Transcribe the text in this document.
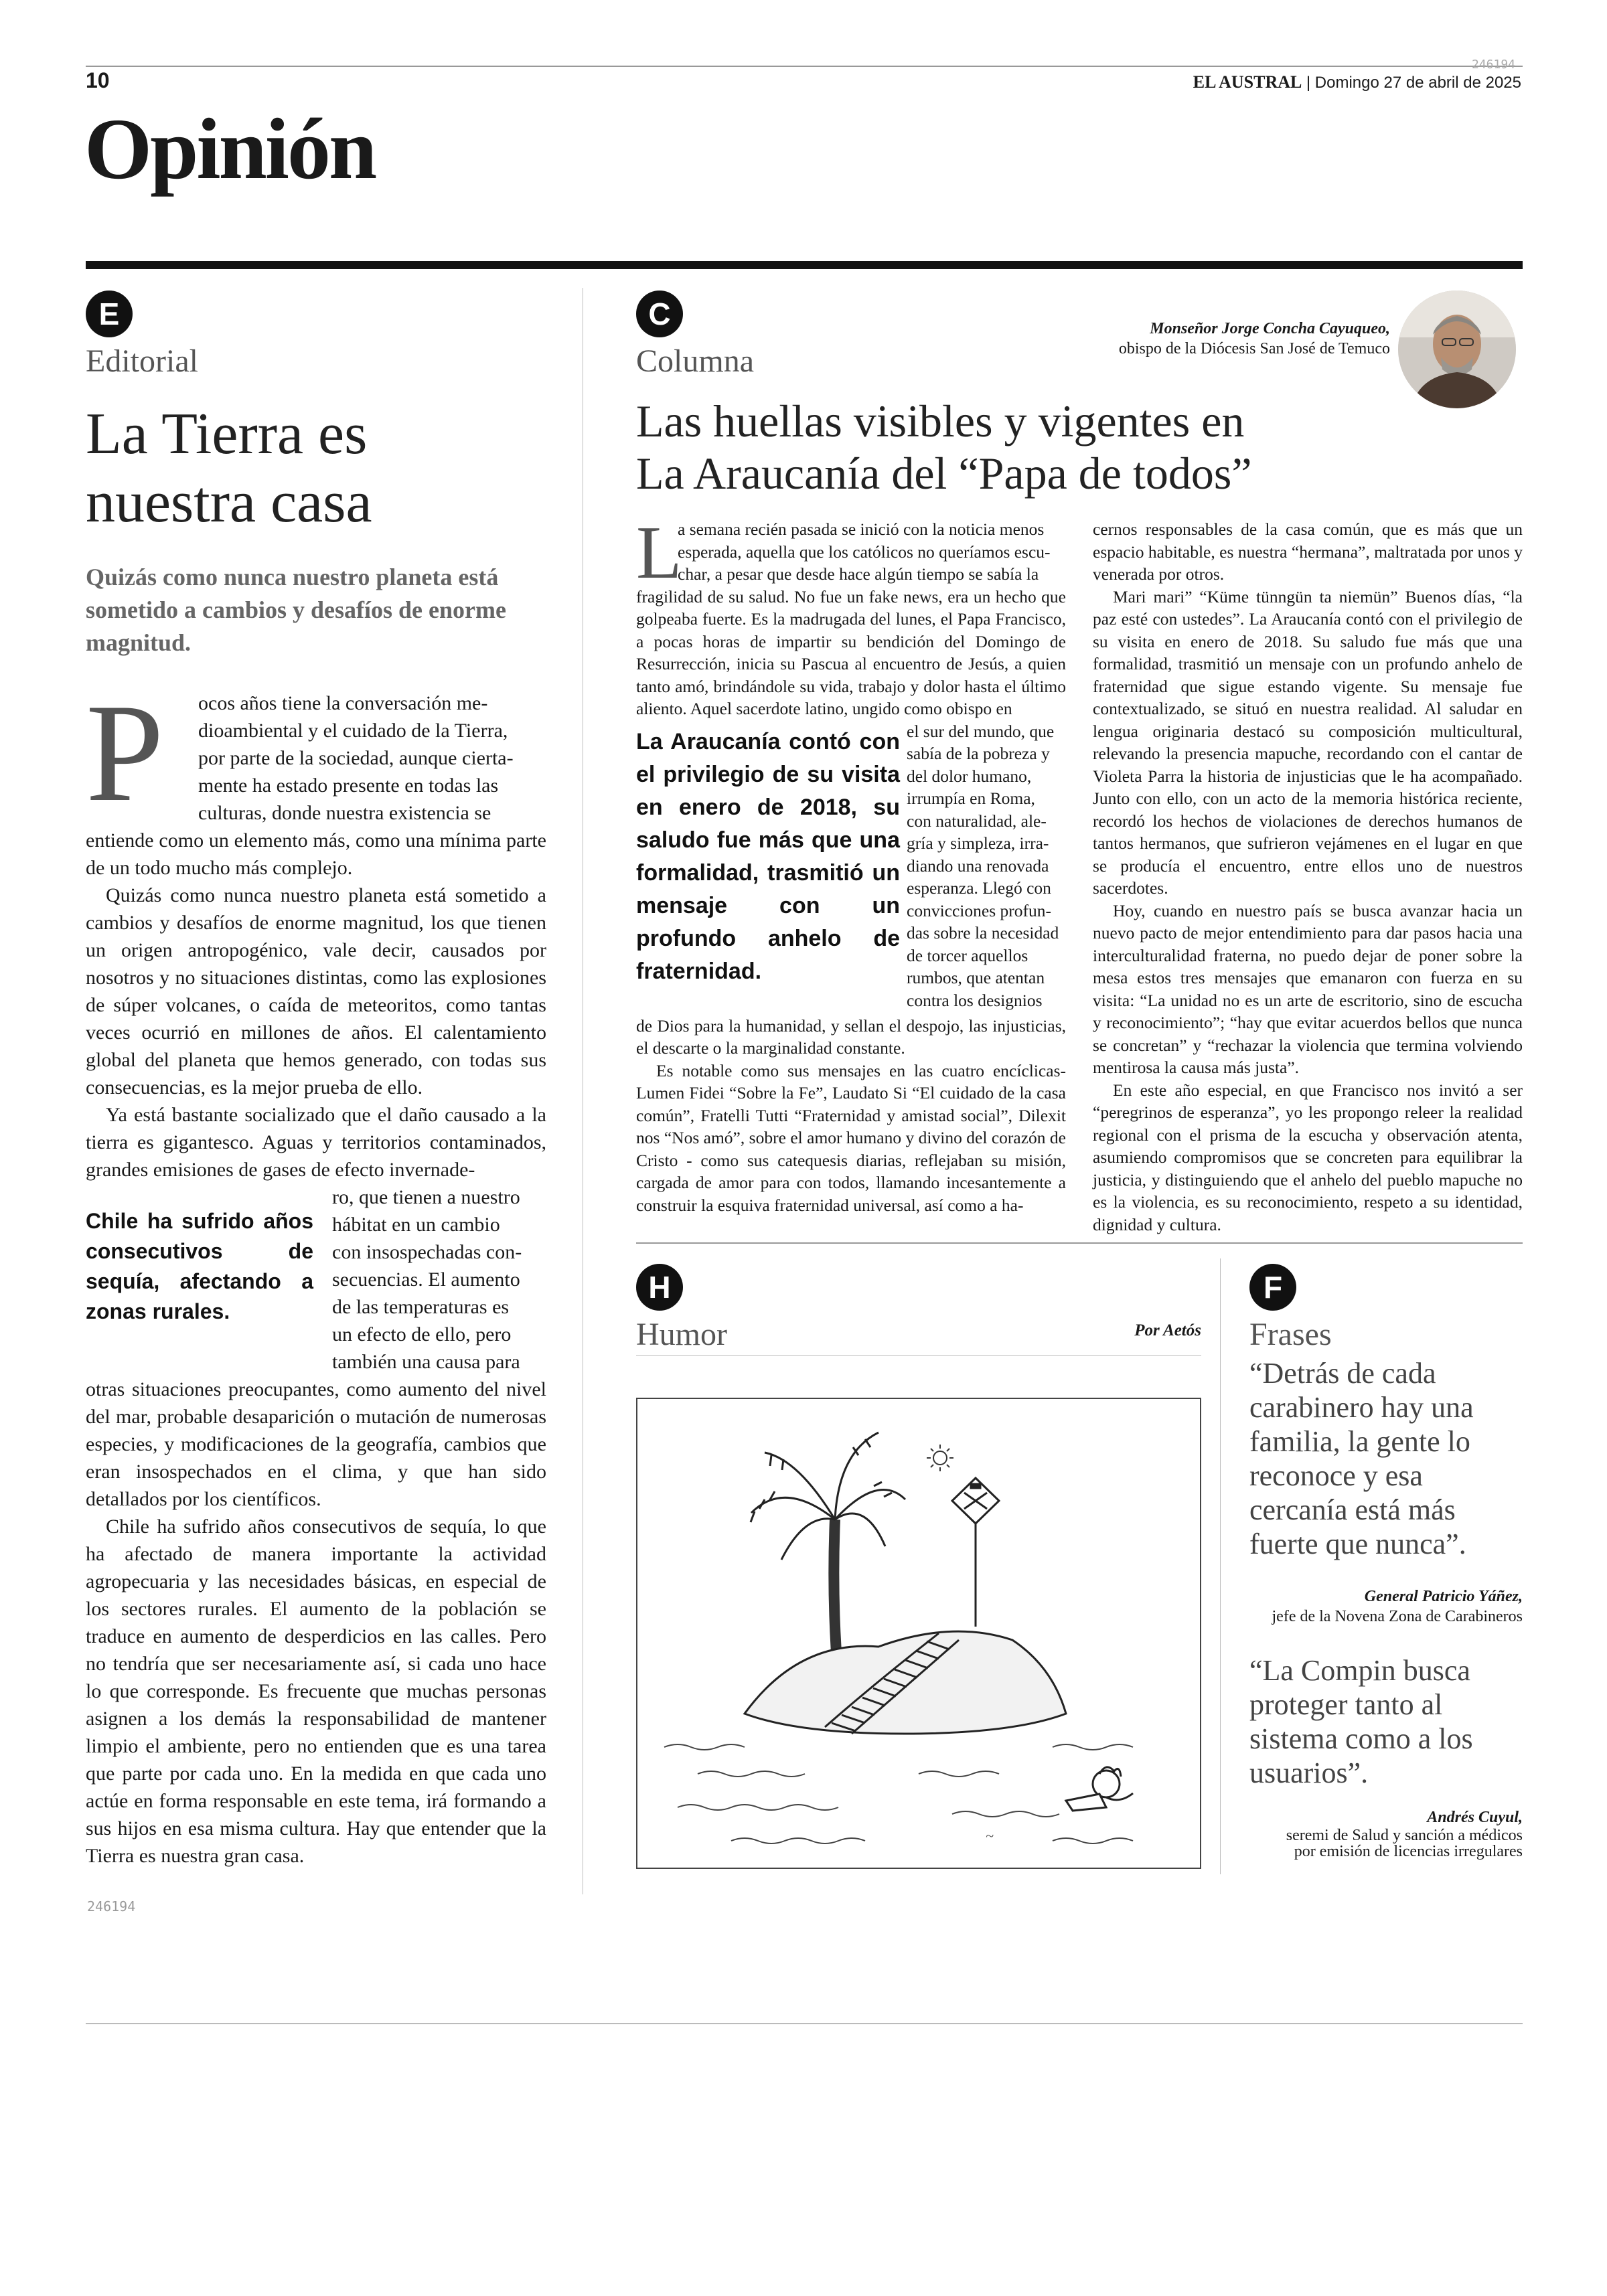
10
246194
EL AUSTRAL | Domingo 27 de abril de 2025
Opinión
E
Editorial
La Tierra es
nuestra casa
Quizás como nunca nuestro planeta está sometido a cambios y desafíos de enorme magnitud.
P ocos años tiene la conversación me-
dioambiental y el cuidado de la Tierra,
por parte de la sociedad, aunque cierta-
mente ha estado presente en todas las
culturas, donde nuestra existencia se
entiende como un elemento más, como una mínima parte de un todo mucho más complejo.

Quizás como nunca nuestro planeta está sometido a cambios y desafíos de enorme magnitud, los que tienen un origen antropogénico, vale decir, causados por nosotros y no situaciones distintas, como las explosiones de súper volcanes, o caída de meteoritos, como tantas veces ocurrió en millones de años. El calentamiento global del planeta que hemos generado, con todas sus consecuencias, es la mejor prueba de ello.

Ya está bastante socializado que el daño causado a la tierra es gigantesco. Aguas y territorios contaminados, grandes emisiones de gases de efecto invernade-

Chile ha sufrido años consecutivos de sequía, afectando a zonas rurales.
ro, que tienen a nuestro
hábitat en un cambio
con insospechadas con-
secuencias. El aumento
de las temperaturas es
un efecto de ello, pero
también una causa para
otras situaciones preocupantes, como aumento del nivel del mar, probable desaparición o mutación de numerosas especies, y modificaciones de la geografía, cambios que eran insospechados en el clima, y que han sido detallados por los científicos.

Chile ha sufrido años consecutivos de sequía, lo que ha afectado de manera importante la actividad agropecuaria y las necesidades básicas, en especial de los sectores rurales. El aumento de la población se traduce en aumento de desperdicios en las calles. Pero no tendría que ser necesariamente así, si cada uno hace lo que corresponde. Es frecuente que muchas personas asignen a los demás la responsabilidad de mantener limpio el ambiente, pero no entienden que es una tarea que parte por cada uno. En la medida en que cada uno actúe en forma responsable en este tema, irá formando a sus hijos en esa misma cultura. Hay que entender que la Tierra es nuestra gran casa.

246194
C
Columna
Monseñor Jorge Concha Cayuqueo,
obispo de la Diócesis San José de Temuco
Las huellas visibles y vigentes en
La Araucanía del “Papa de todos”
L
a semana recién pasada se inició con la noticia menos
esperada, aquella que los católicos no queríamos escu-
char, a pesar que desde hace algún tiempo se sabía la
fragilidad de su salud. No fue un fake news, era un hecho que golpeaba fuerte. Es la madrugada del lunes, el Papa Francisco, a pocas horas de impartir su bendición del Domingo de Resurrección, inicia su Pascua al encuentro de Jesús, a quien tanto amó, brindándole su vida, trabajo y dolor hasta el último aliento. Aquel sacerdote latino, ungido como obispo en
La Araucanía contó con el privilegio de su visita en enero de 2018, su saludo fue más que una formalidad, trasmitió un mensaje con un profundo anhelo de fraternidad.
el sur del mundo, que
sabía de la pobreza y
del dolor humano,
irrumpía en Roma,
con naturalidad, ale-
gría y simpleza, irra-
diando una renovada
esperanza. Llegó con
convicciones profun-
das sobre la necesidad
de torcer aquellos
rumbos, que atentan
contra los designios
de Dios para la humanidad, y sellan el despojo, las injusticias, el descarte o la marginalidad constante.

Es notable como sus mensajes en las cuatro encíclicas- Lumen Fidei “Sobre la Fe”, Laudato Si “El cuidado de la casa común”, Fratelli Tutti “Fraternidad y amistad social”, Dilexit nos “Nos amó”, sobre el amor humano y divino del corazón de Cristo - como sus catequesis diarias, reflejaban su misión, cargada de amor para con todos, llamando incesantemente a construir la esquiva fraternidad universal, así como a ha-

cernos responsables de la casa común, que es más que un espacio habitable, es nuestra “hermana”, maltratada por unos y venerada por otros.

Mari mari” “Küme tünngün ta niemün” Buenos días, “la paz esté con ustedes”. La Araucanía contó con el privilegio de su visita en enero de 2018. Su saludo fue más que una formalidad, trasmitió un mensaje con un profundo anhelo de fraternidad que sigue estando vigente. Su mensaje fue contextualizado, se situó en nuestra realidad. Al saludar en lengua originaria destacó su composición multicultural, relevando la presencia mapuche, recordando con el cantar de Violeta Parra la historia de injusticias que le ha acompañado. Junto con ello, con un acto de la memoria histórica reciente, recordó los hechos de violaciones de derechos humanos de tantos hermanos, que sufrieron vejámenes en el lugar en que se producía el encuentro, entre ellos uno de nuestros sacerdotes.

Hoy, cuando en nuestro país se busca avanzar hacia un nuevo pacto de mejor entendimiento para dar pasos hacia una interculturalidad fraterna, no puedo dejar de poner sobre la mesa estos tres mensajes que emanaron con fuerza en su visita: “La unidad no es un arte de escritorio, sino de escucha y reconocimiento”; “hay que evitar acuerdos bellos que nunca se concretan” y “rechazar la violencia que termina volviendo mentirosa la causa más justa”.

En este año especial, en que Francisco nos invitó a ser “peregrinos de esperanza”, yo les propongo releer la realidad regional con el prisma de la escucha y observación atenta, asumiendo compromisos que se concreten para equilibrar la justicia, y distinguiendo que el anhelo del pueblo mapuche no es la violencia, es su reconocimiento, respeto a su identidad, dignidad y cultura.

H
Humor	Por Aetós
~
F
Frases
“Detrás de cada carabinero hay una familia, la gente lo reconoce y esa cercanía está más fuerte que nunca”.
General Patricio Yáñez,
jefe de la Novena Zona de Carabineros
“La Compin busca proteger tanto al sistema como a los usuarios”.
Andrés Cuyul,
seremi de Salud y sanción a médicos
por emisión de licencias irregulares
